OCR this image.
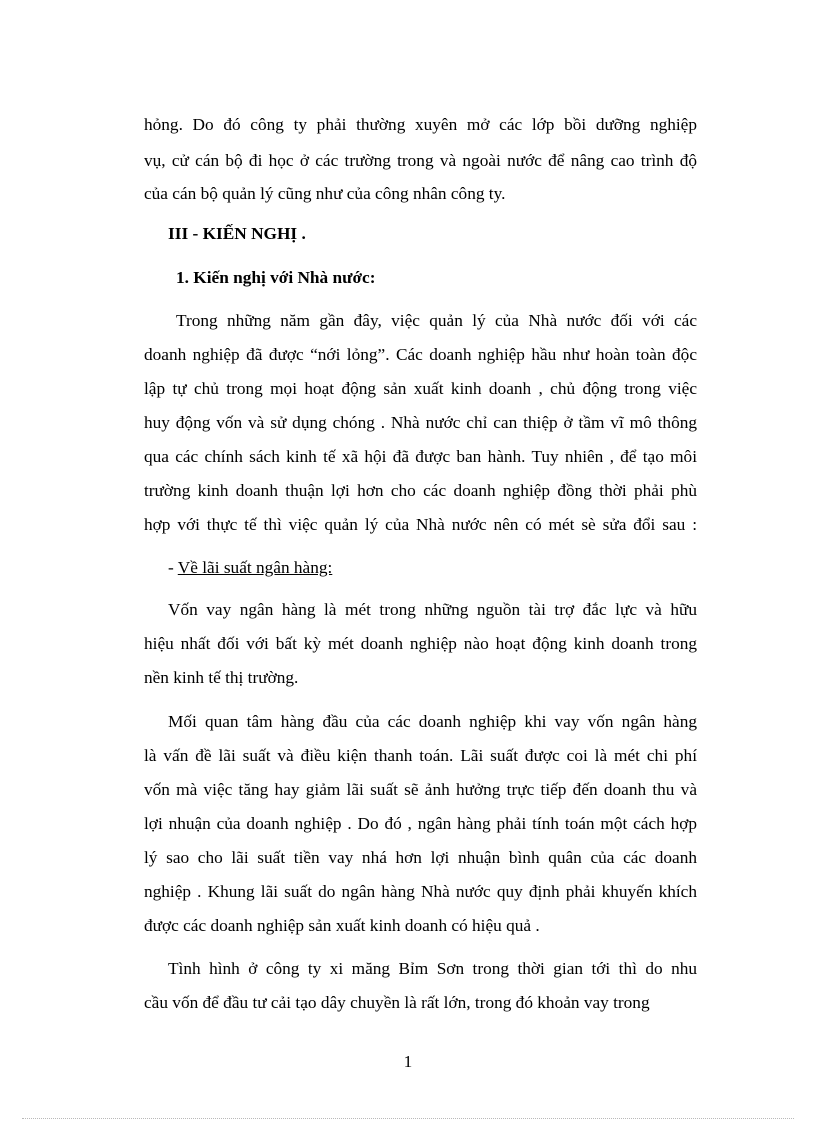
hỏng. Do đó công ty phải thường xuyên mở các lớp bồi dưỡng nghiệp
vụ, cử cán bộ đi học ở các trường trong và ngoài nước để nâng cao trình độ
của cán bộ quản lý cũng như của công nhân công ty.
III - KIẾN NGHỊ .
1. Kiến nghị với Nhà nước:
Trong những năm gần đây, việc quản lý của Nhà nước đối với các
doanh nghiệp đã được “nới lỏng”. Các doanh nghiệp hầu như hoàn toàn độc
lập tự chủ trong mọi hoạt động sản xuất kinh doanh , chủ động trong việc
huy động vốn và sử dụng chóng . Nhà nước chỉ can thiệp ở tầm vĩ mô thông
qua các chính sách kinh tế xã hội đã được ban hành. Tuy nhiên , để tạo môi
trường kinh doanh thuận lợi hơn cho các doanh nghiệp đồng thời phải phù
hợp với thực tế thì việc quản lý của Nhà nước nên có mét sè sửa đổi sau :
- Về lãi suất ngân hàng:
Vốn vay ngân hàng là mét trong những nguồn tài trợ đắc lực và hữu
hiệu nhất đối với bất kỳ mét doanh nghiệp nào hoạt động kinh doanh trong
nền kinh tế thị trường.
Mối quan tâm hàng đầu của các doanh nghiệp khi vay vốn ngân hàng
là vấn đề lãi suất và điều kiện thanh toán. Lãi suất được coi là mét chi phí
vốn mà việc tăng hay giảm lãi suất sẽ ảnh hưởng trực tiếp đến doanh thu và
lợi nhuận của doanh nghiệp . Do đó , ngân hàng phải tính toán một cách hợp
lý sao cho lãi suất tiền vay nhá hơn lợi nhuận bình quân của các doanh
nghiệp . Khung lãi suất do ngân hàng Nhà nước quy định phải khuyến khích
được các doanh nghiệp sản xuất kinh doanh có hiệu quả .
Tình hình ở công ty xi măng Bỉm Sơn trong thời gian tới thì do nhu
cầu vốn để đầu tư cải tạo dây chuyền là rất lớn, trong đó khoản vay trong
1
